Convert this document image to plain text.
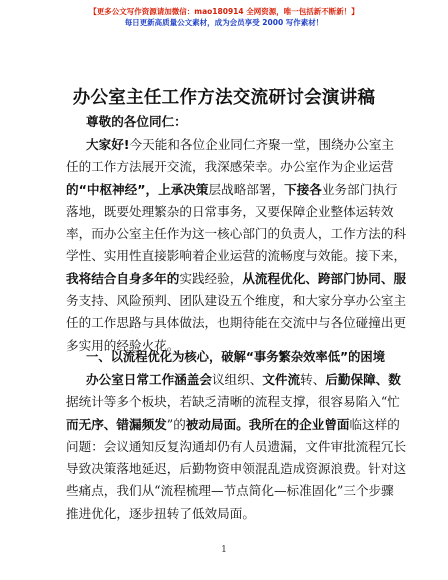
【更多公文写作资源请加微信：mao180914 全网资源，唯一包括新不断新！】
每日更新高质量公文素材，成为会员享受 2000 写作素材！
办公室主任工作方法交流研讨会演讲稿
尊敬的各位同仁：
大家好!今天能和各位企业同仁齐聚一堂，围绕办公室主
任的工作方法展开交流，我深感荣幸。办公室作为企业运营
的“中枢神经”，上承决策层战略部署，下接各业务部门执行
落地，既要处理繁杂的日常事务，又要保障企业整体运转效
率，而办公室主任作为这一核心部门的负责人，工作方法的科
学性、实用性直接影响着企业运营的流畅度与效能。接下来，
我将结合自身多年的实践经验，从流程优化、跨部门协同、服
务支持、风险预判、团队建设五个维度，和大家分享办公室主
任的工作思路与具体做法，也期待能在交流中与各位碰撞出更
多实用的经验火花。
一、以流程优化为核心，破解“事务繁杂效率低”的困境
办公室日常工作涵盖会议组织、文件流转、后勤保障、数
据统计等多个板块，若缺乏清晰的流程支撑，很容易陷入“忙
而无序、错漏频发”的被动局面。我所在的企业曾面临这样的
问题：会议通知反复沟通却仍有人员遗漏，文件审批流程冗长
导致决策落地延迟，后勤物资申领混乱造成资源浪费。针对这
些痛点，我们从“流程梳理—节点简化—标准固化”三个步骤
推进优化，逐步扭转了低效局面。
1
